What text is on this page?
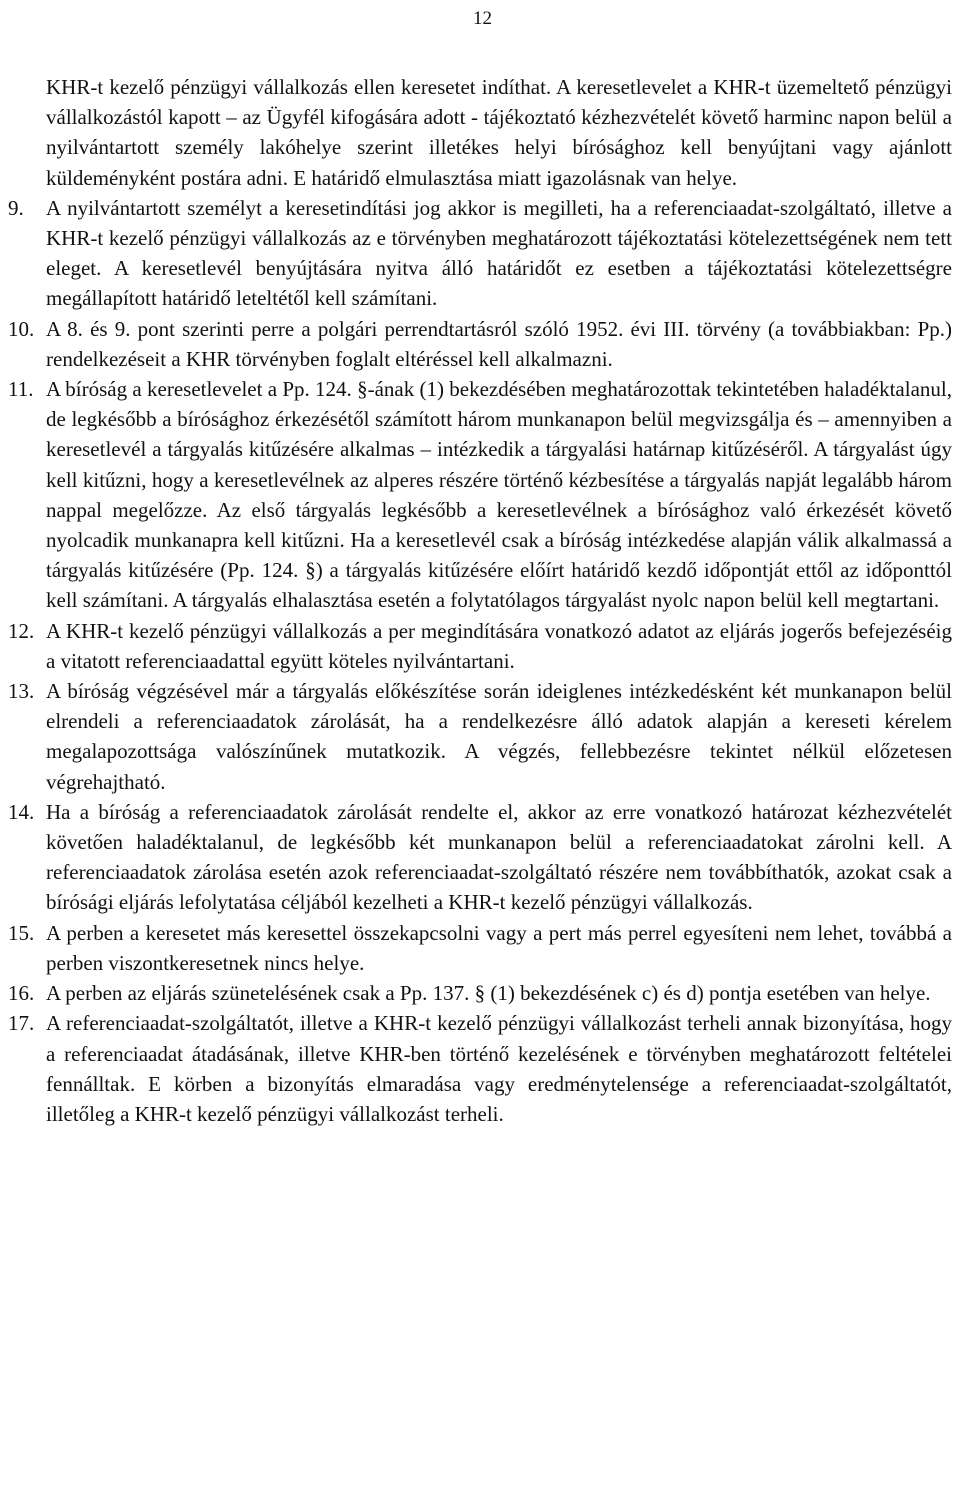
12

KHR-t kezelő pénzügyi vállalkozás ellen keresetet indíthat. A keresetlevelet a KHR-t üzemeltető pénzügyi vállalkozástól kapott – az Ügyfél kifogására adott - tájékoztató kézhezvételét követő harminc napon belül a nyilvántartott személy lakóhelye szerint illetékes helyi bírósághoz kell benyújtani vagy ajánlott küldeményként postára adni. E határidő elmulasztása miatt igazolásnak van helye.

9.	A nyilvántartott személyt a keresetindítási jog akkor is megilleti, ha a referenciaadat-szolgáltató, illetve a KHR-t kezelő pénzügyi vállalkozás az e törvényben meghatározott tájékoztatási kötelezettségének nem tett eleget. A keresetlevél benyújtására nyitva álló határidőt ez esetben a tájékoztatási kötelezettségre megállapított határidő leteltétől kell számítani.
10. A 8. és 9. pont szerinti perre a polgári perrendtartásról szóló 1952. évi III. törvény (a továbbiakban: Pp.) rendelkezéseit a KHR törvényben foglalt eltéréssel kell alkalmazni.
11. A bíróság a keresetlevelet a Pp. 124. §-ának (1) bekezdésében meghatározottak tekintetében haladéktalanul, de legkésőbb a bírósághoz érkezésétől számított három munkanapon belül megvizsgálja és – amennyiben a keresetlevél a tárgyalás kitűzésére alkalmas – intézkedik a tárgyalási határnap kitűzéséről. A tárgyalást úgy kell kitűzni, hogy a keresetlevélnek az alperes részére történő kézbesítése a tárgyalás napját legalább három nappal megelőzze. Az első tárgyalás legkésőbb a keresetlevélnek a bírósághoz való érkezését követő nyolcadik munkanapra kell kitűzni. Ha a keresetlevél csak a bíróság intézkedése alapján válik alkalmassá a tárgyalás kitűzésére (Pp. 124. §) a tárgyalás kitűzésére előírt határidő kezdő időpontját ettől az időponttól kell számítani. A tárgyalás elhalasztása esetén a folytatólagos tárgyalást nyolc napon belül kell megtartani.
12. A KHR-t kezelő pénzügyi vállalkozás a per megindítására vonatkozó adatot az eljárás jogerős befejezéséig a vitatott referenciaadattal együtt köteles nyilvántartani.
13. A bíróság végzésével már a tárgyalás előkészítése során ideiglenes intézkedésként két munkanapon belül elrendeli a referenciaadatok zárolását, ha a rendelkezésre álló adatok alapján a kereseti kérelem megalapozottsága valószínűnek mutatkozik. A végzés, fellebbezésre tekintet nélkül előzetesen végrehajtható.
14. Ha a bíróság a referenciaadatok zárolását rendelte el, akkor az erre vonatkozó határozat kézhezvételét követően haladéktalanul, de legkésőbb két munkanapon belül a referenciaadatokat zárolni kell. A referenciaadatok zárolása esetén azok referenciaadat-szolgáltató részére nem továbbíthatók, azokat csak a bírósági eljárás lefolytatása céljából kezelheti a KHR-t kezelő pénzügyi vállalkozás.
15. A perben a keresetet más keresettel összekapcsolni vagy a pert más perrel egyesíteni nem lehet, továbbá a perben viszontkeresetnek nincs helye.
16. A perben az eljárás szünetelésének csak a Pp. 137. § (1) bekezdésének c) és d) pontja esetében van helye.
17. A referenciaadat-szolgáltatót, illetve a KHR-t kezelő pénzügyi vállalkozást terheli annak bizonyítása, hogy a referenciaadat átadásának, illetve KHR-ben történő kezelésének e törvényben meghatározott feltételei fennálltak. E körben a bizonyítás elmaradása vagy eredménytelensége a referenciaadat-szolgáltatót, illetőleg a KHR-t kezelő pénzügyi vállalkozást terheli.
